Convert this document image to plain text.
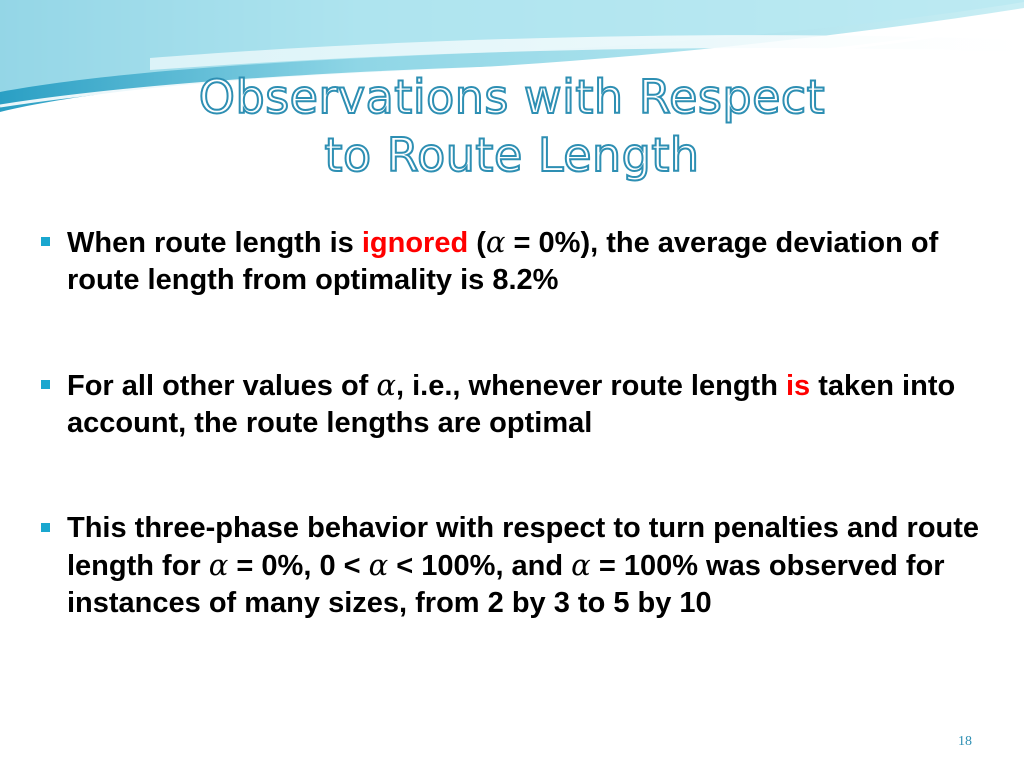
Observations with Respect
to Route Length
When route length is ignored (α = 0%), the average deviation of route length from optimality is 8.2%
For all other values of α, i.e., whenever route length is taken into account, the route lengths are optimal
This three-phase behavior with respect to turn penalties and route length for α = 0%, 0 < α < 100%, and α = 100% was observed for instances of many sizes, from 2 by 3 to 5 by 10
18
